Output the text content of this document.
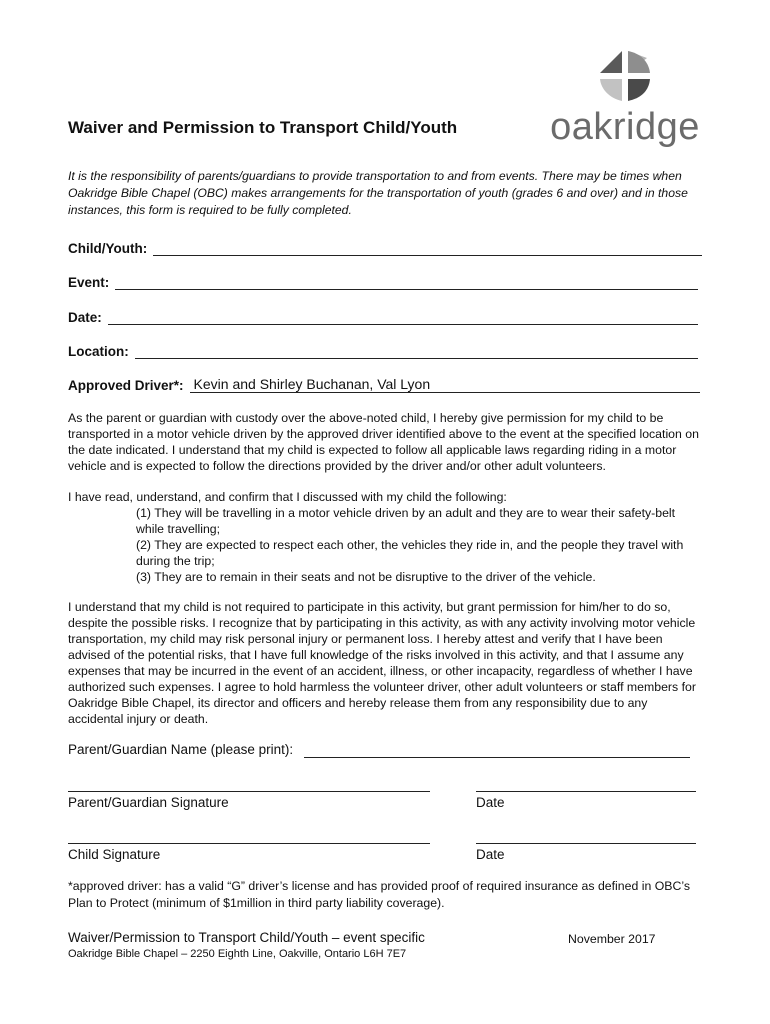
oakridge
Waiver and Permission to Transport Child/Youth
It is the responsibility of parents/guardians to provide transportation to and from events. There may be times when Oakridge Bible Chapel (OBC) makes arrangements for the transportation of youth (grades 6 and over) and in those instances, this form is required to be fully completed.
Child/Youth:
Event:
Date:
Location:
Approved Driver*: Kevin and Shirley Buchanan, Val Lyon
As the parent or guardian with custody over the above-noted child, I hereby give permission for my child to be transported in a motor vehicle driven by the approved driver identified above to the event at the specified location on the date indicated. I understand that my child is expected to follow all applicable laws regarding riding in a motor vehicle and is expected to follow the directions provided by the driver and/or other adult volunteers.
I have read, understand, and confirm that I discussed with my child the following:
(1) They will be travelling in a motor vehicle driven by an adult and they are to wear their safety-belt while travelling;
(2) They are expected to respect each other, the vehicles they ride in, and the people they travel with during the trip;
(3) They are to remain in their seats and not be disruptive to the driver of the vehicle.
I understand that my child is not required to participate in this activity, but grant permission for him/her to do so, despite the possible risks. I recognize that by participating in this activity, as with any activity involving motor vehicle transportation, my child may risk personal injury or permanent loss. I hereby attest and verify that I have been advised of the potential risks, that I have full knowledge of the risks involved in this activity, and that I assume any expenses that may be incurred in the event of an accident, illness, or other incapacity, regardless of whether I have authorized such expenses. I agree to hold harmless the volunteer driver, other adult volunteers or staff members for Oakridge Bible Chapel, its director and officers and hereby release them from any responsibility due to any accidental injury or death.
Parent/Guardian Name (please print):
Parent/Guardian Signature	Date
Child Signature	Date
*approved driver: has a valid “G” driver’s license and has provided proof of required insurance as defined in OBC’s Plan to Protect (minimum of $1million in third party liability coverage).
Waiver/Permission to Transport Child/Youth – event specific	November 2017
Oakridge Bible Chapel – 2250 Eighth Line, Oakville, Ontario L6H 7E7
